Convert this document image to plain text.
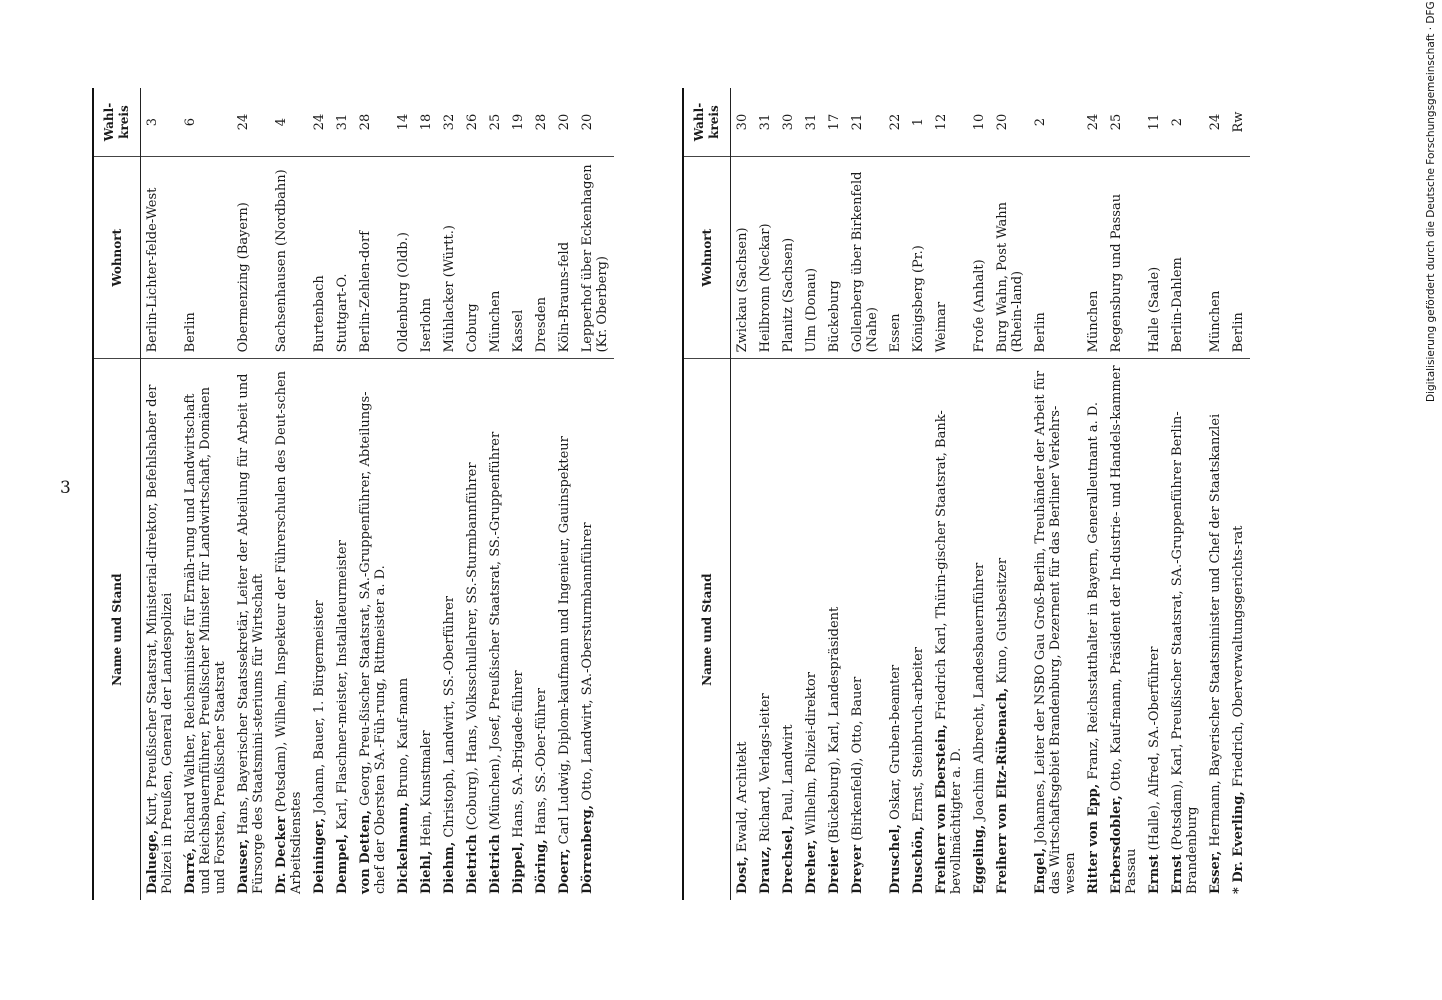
3
Digitalisierung gefördert durch die Deutsche Forschungsgemeinschaft · DFG
Name und Stand	Wohnort	Wahl-kreis
Daluege, Kurt, Preußischer Staatsrat, Ministerial-direktor, Befehlshaber der Polizei in Preußen, General der Landespolizei	Berlin-Lichter-felde-West	3
Darré, Richard Walther, Reichsminister für Ernäh-rung und Landwirtschaft und Reichsbauernführer, Preußischer Minister für Landwirtschaft, Domänen und Forsten, Preußischer Staatsrat	Berlin	6
Dauser, Hans, Bayerischer Staatssekretär, Leiter der Abteilung für Arbeit und Fürsorge des Staatsmini-steriums für Wirtschaft	Obermenzing (Bayern)	24
Dr. Decker (Potsdam), Wilhelm, Inspekteur der Führerschulen des Deut-schen Arbeitsdienstes	Sachsenhausen (Nordbahn)	4
Deininger, Johann, Bauer, 1. Bürgermeister	Burtenbach	24
Dempel, Karl, Flaschner-meister, Installateurmeister	Stuttgart-O.	31
von Detten, Georg, Preu-ßischer Staatsrat, SA.-Gruppenführer, Abteilungs-chef der Obersten SA.-Füh-rung, Rittmeister a. D.	Berlin-Zehlen-dorf	28
Dickelmann, Bruno, Kauf-mann	Oldenburg (Oldb.)	14
Diehl, Hein, Kunstmaler	Iserlohn	18
Diehm, Christoph, Landwirt, SS.-Oberführer	Mühlacker (Württ.)	32
Dietrich (Coburg), Hans, Volksschullehrer, SS.-Sturmbannführer	Coburg	26
Dietrich (München), Josef, Preußischer Staatsrat, SS.-Gruppenführer	München	25
Dippel, Hans, SA.-Brigade-führer	Kassel	19
Döring, Hans, SS.-Ober-führer	Dresden	28
Doerr, Carl Ludwig, Diplom-kaufmann und Ingenieur, Gauinspekteur	Köln-Brauns-feld	20
Dörrenberg, Otto, Landwirt, SA.-Obersturmbannführer	Lepperhof über Eckenhagen (Kr. Oberberg)	20
Name und Stand	Wohnort	Wahl-kreis
Dost, Ewald, Architekt	Zwickau (Sachsen)	30
Drauz, Richard, Verlags-leiter	Heilbronn (Neckar)	31
Drechsel, Paul, Landwirt	Planitz (Sachsen)	30
Dreher, Wilhelm, Polizei-direktor	Ulm (Donau)	31
Dreier (Bückeburg), Karl, Landespräsident	Bückeburg	17
Dreyer (Birkenfeld), Otto, Bauer	Gollenberg über Birkenfeld (Nahe)	21
Druschel, Oskar, Gruben-beamter	Essen	22
Duschön, Ernst, Steinbruch-arbeiter	Königsberg (Pr.)	1
Freiherr von Eberstein, Friedrich Karl, Thürin-gischer Staatsrat, Bank-bevollmächtigter a. D.	Weimar	12
Eggeling, Joachim Albrecht, Landesbauernführer	Froſe (Anhalt)	10
Freiherr von Eltz-Rübenach, Kuno, Gutsbesitzer	Burg Wahn, Post Wahn (Rhein-land)	20
Engel, Johannes, Leiter der NSBO Gau Groß-Berlin, Treuhänder der Arbeit für das Wirtschaftsgebiet Brandenburg, Dezernent für das Berliner Verkehrs-wesen	Berlin	2
Ritter von Epp, Franz, Reichsstatthalter in Bayern, Generalleutnant a. D.	München	24
Erbersdobler, Otto, Kauf-mann, Präsident der In-dustrie- und Handels-kammer Passau	Regensburg und Passau	25
Ernst (Halle), Alfred, SA.-Oberführer	Halle (Saale)	11
Ernst (Potsdam), Karl, Preußischer Staatsrat, SA.-Gruppenführer Berlin-Brandenburg	Berlin-Dahlem	2
Esser, Hermann, Bayerischer Staatsminister und Chef der Staatskanzlei	München	24
* Dr. Everling, Friedrich, Oberverwaltungsgerichts-rat	Berlin	Rw
